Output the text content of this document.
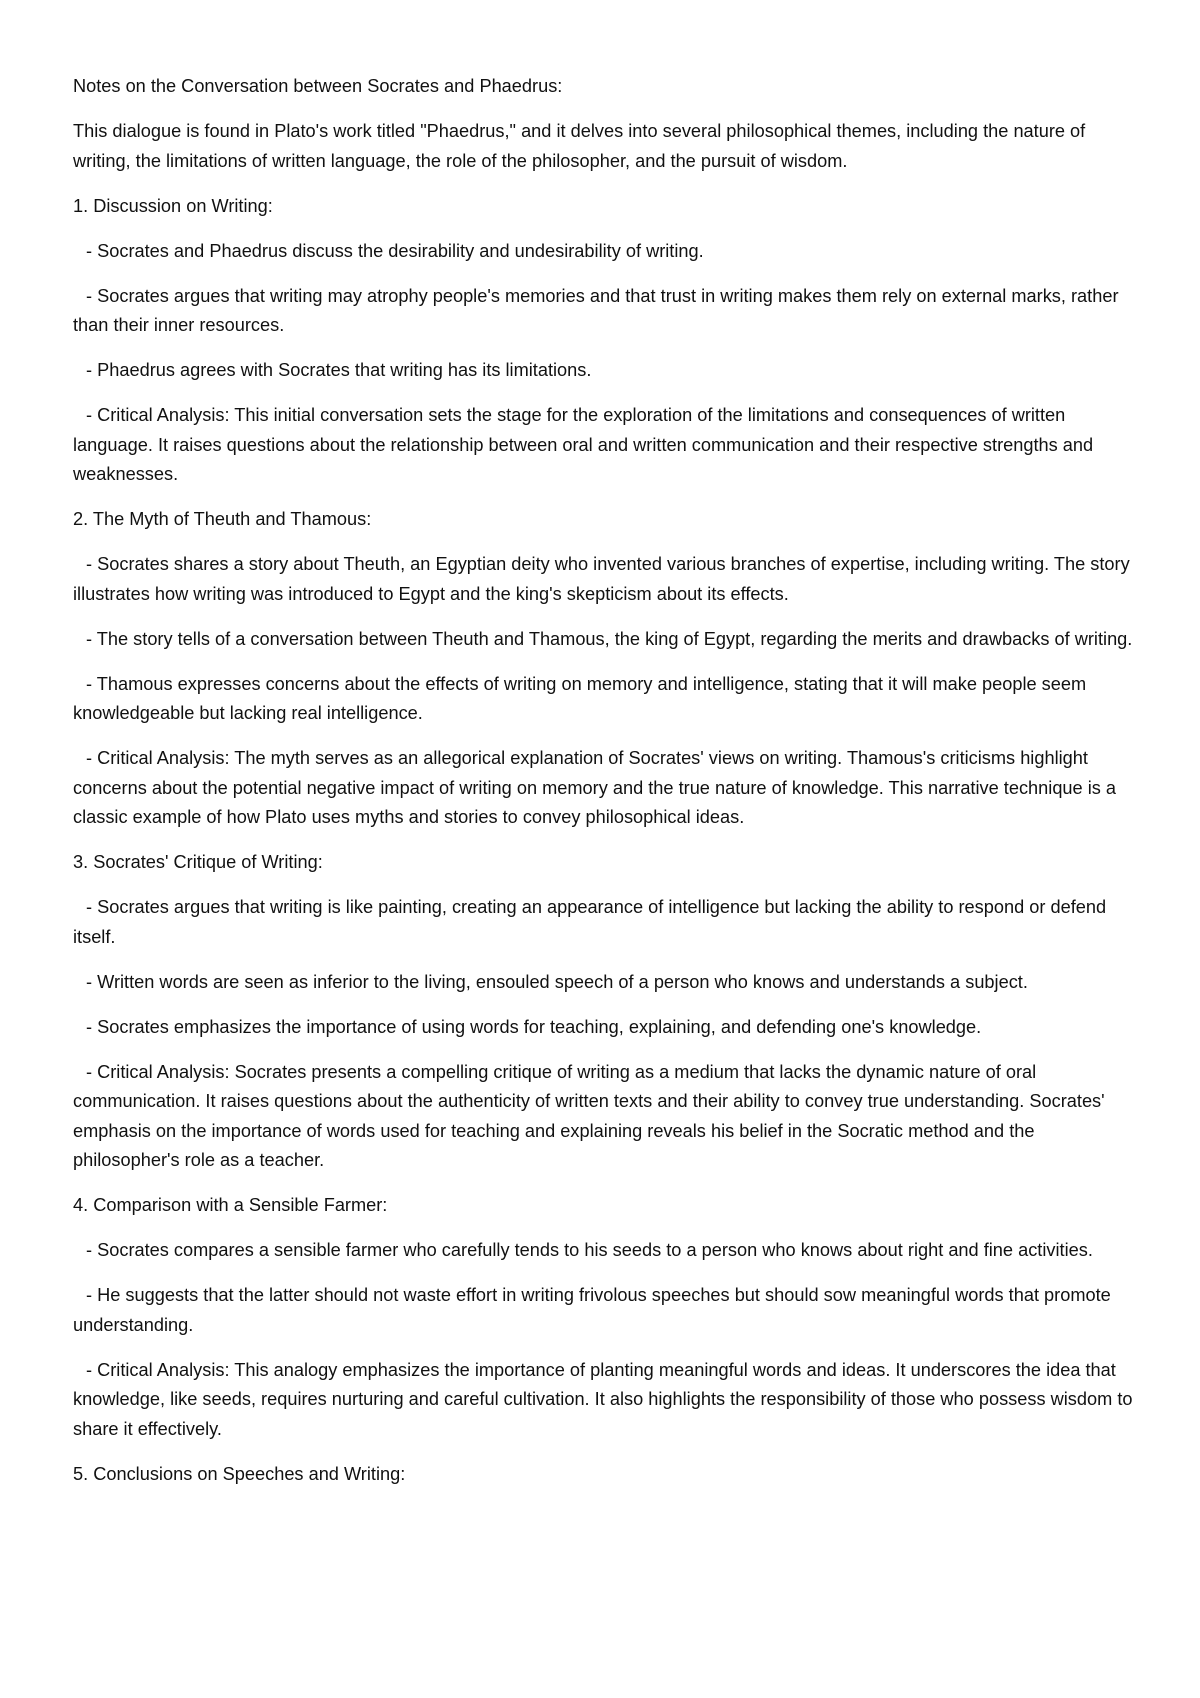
Notes on the Conversation between Socrates and Phaedrus:

This dialogue is found in Plato's work titled "Phaedrus," and it delves into several philosophical themes, including the nature of writing, the limitations of written language, the role of the philosopher, and the pursuit of wisdom.

1. Discussion on Writing:

- Socrates and Phaedrus discuss the desirability and undesirability of writing.

- Socrates argues that writing may atrophy people's memories and that trust in writing makes them rely on external marks, rather than their inner resources.

- Phaedrus agrees with Socrates that writing has its limitations.

- Critical Analysis: This initial conversation sets the stage for the exploration of the limitations and consequences of written language. It raises questions about the relationship between oral and written communication and their respective strengths and weaknesses.

2. The Myth of Theuth and Thamous:

- Socrates shares a story about Theuth, an Egyptian deity who invented various branches of expertise, including writing. The story illustrates how writing was introduced to Egypt and the king's skepticism about its effects.

- The story tells of a conversation between Theuth and Thamous, the king of Egypt, regarding the merits and drawbacks of writing.

- Thamous expresses concerns about the effects of writing on memory and intelligence, stating that it will make people seem knowledgeable but lacking real intelligence.

- Critical Analysis: The myth serves as an allegorical explanation of Socrates' views on writing. Thamous's criticisms highlight concerns about the potential negative impact of writing on memory and the true nature of knowledge. This narrative technique is a classic example of how Plato uses myths and stories to convey philosophical ideas.

3. Socrates' Critique of Writing:

- Socrates argues that writing is like painting, creating an appearance of intelligence but lacking the ability to respond or defend itself.

- Written words are seen as inferior to the living, ensouled speech of a person who knows and understands a subject.

- Socrates emphasizes the importance of using words for teaching, explaining, and defending one's knowledge.

- Critical Analysis: Socrates presents a compelling critique of writing as a medium that lacks the dynamic nature of oral communication. It raises questions about the authenticity of written texts and their ability to convey true understanding. Socrates' emphasis on the importance of words used for teaching and explaining reveals his belief in the Socratic method and the philosopher's role as a teacher.

4. Comparison with a Sensible Farmer:

- Socrates compares a sensible farmer who carefully tends to his seeds to a person who knows about right and fine activities.

- He suggests that the latter should not waste effort in writing frivolous speeches but should sow meaningful words that promote understanding.

- Critical Analysis: This analogy emphasizes the importance of planting meaningful words and ideas. It underscores the idea that knowledge, like seeds, requires nurturing and careful cultivation. It also highlights the responsibility of those who possess wisdom to share it effectively.

5. Conclusions on Speeches and Writing:
